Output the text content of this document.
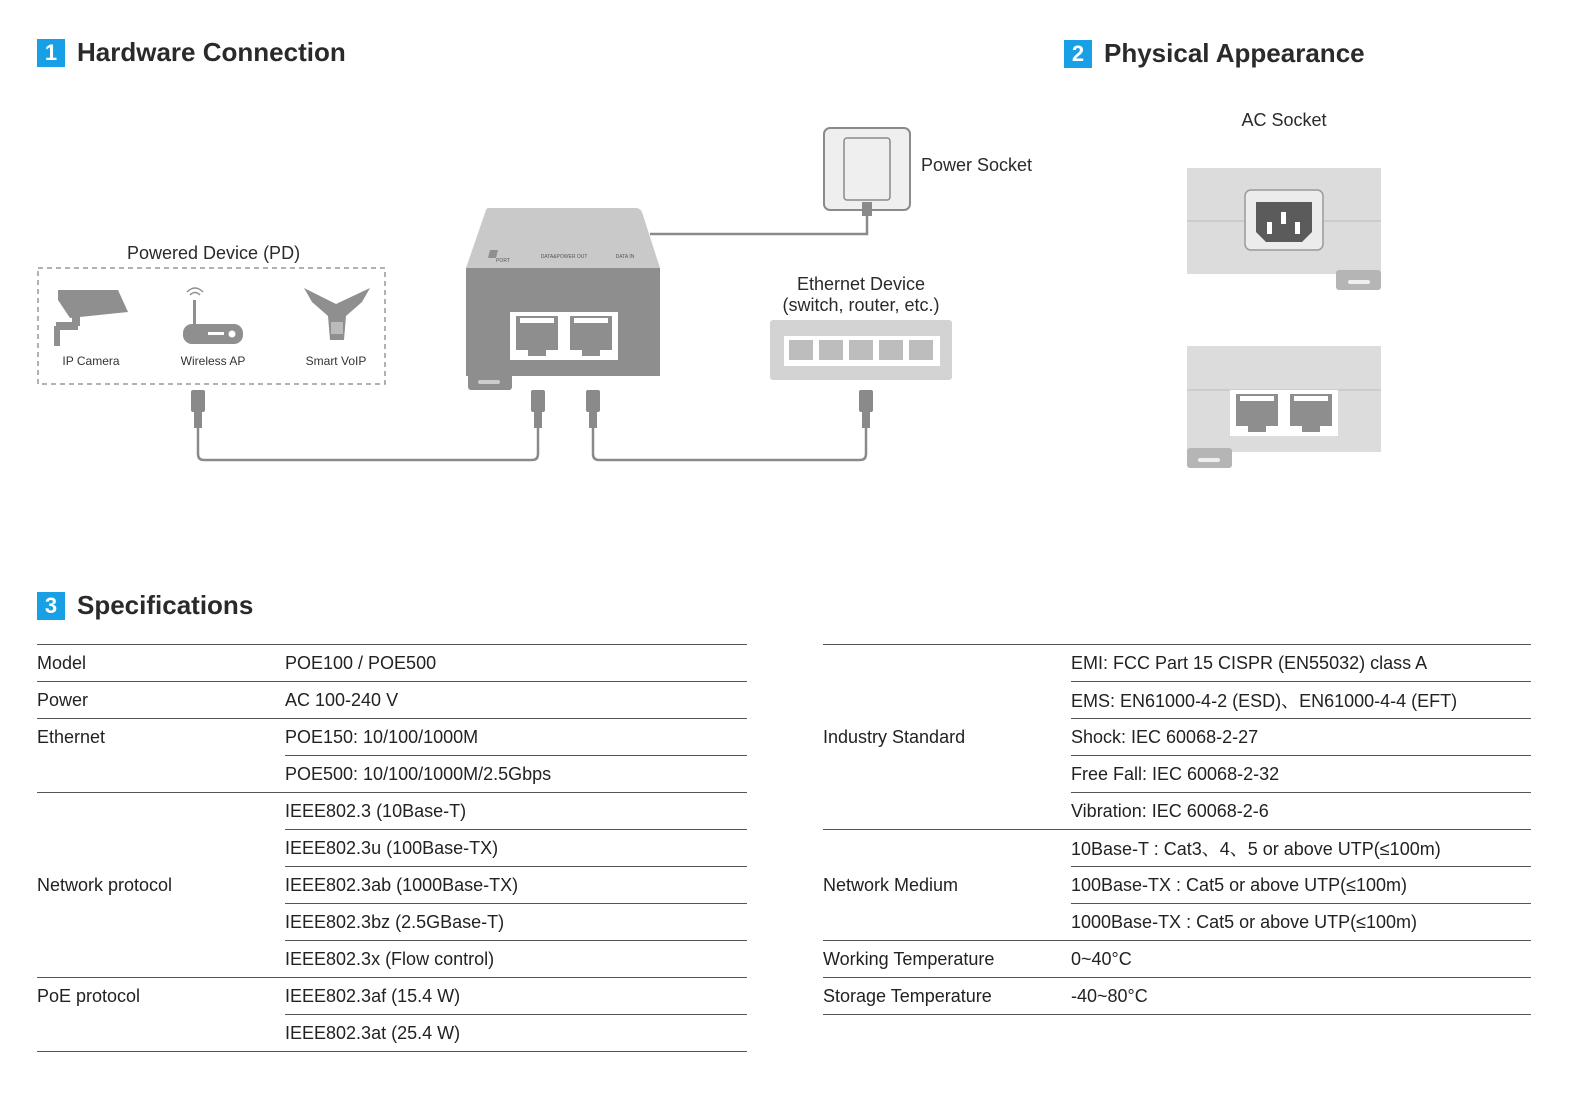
1 Hardware Connection	2 Physical Appearance
3 Specifications
Power Socket
Powered Device (PD)
IP Camera	Wireless AP	Smart VoIP
Ethernet Device
(switch, router, etc.)
PORT
DATA&POWER OUT	DATA IN
AC Socket
Model	POE100 / POE500
Power	AC 100-240 V
Ethernet	POE150: 10/100/1000M
	POE500: 10/100/1000M/2.5Gbps
Network protocol	IEEE802.3 (10Base-T)
	IEEE802.3u (100Base-TX)
	IEEE802.3ab (1000Base-TX)
	IEEE802.3bz (2.5GBase-T)
	IEEE802.3x (Flow control)
PoE protocol	IEEE802.3af (15.4 W)
	IEEE802.3at (25.4 W)
Industry Standard	EMI: FCC Part 15 CISPR (EN55032) class A
	EMS: EN61000-4-2 (ESD)、EN61000-4-4 (EFT)
	Shock: IEC 60068-2-27
	Free Fall: IEC 60068-2-32
	Vibration: IEC 60068-2-6
Network Medium	10Base-T : Cat3、4、5 or above UTP(≤100m)
	100Base-TX : Cat5 or above UTP(≤100m)
	1000Base-TX : Cat5 or above UTP(≤100m)
Working Temperature	0~40°C
Storage Temperature	-40~80°C
